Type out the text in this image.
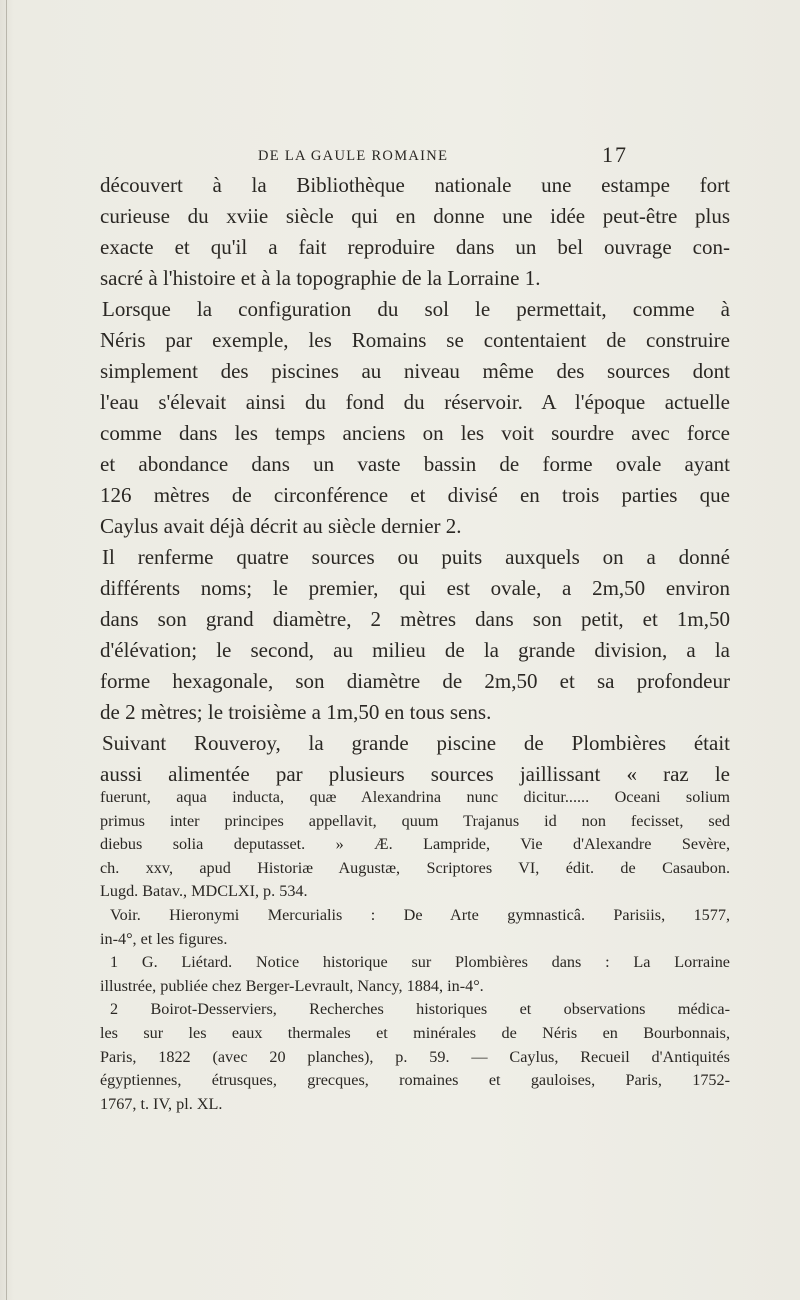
DE LA GAULE ROMAINE	17
découvert à la Bibliothèque nationale une estampe fort
curieuse du xviie siècle qui en donne une idée peut-être plus
exacte et qu'il a fait reproduire dans un bel ouvrage con-
sacré à l'histoire et à la topographie de la Lorraine 1.
Lorsque la configuration du sol le permettait, comme à
Néris par exemple, les Romains se contentaient de construire
simplement des piscines au niveau même des sources dont
l'eau s'élevait ainsi du fond du réservoir. A l'époque actuelle
comme dans les temps anciens on les voit sourdre avec force
et abondance dans un vaste bassin de forme ovale ayant
126 mètres de circonférence et divisé en trois parties que
Caylus avait déjà décrit au siècle dernier 2.
Il renferme quatre sources ou puits auxquels on a donné
différents noms; le premier, qui est ovale, a 2m,50 environ
dans son grand diamètre, 2 mètres dans son petit, et 1m,50
d'élévation; le second, au milieu de la grande division, a la
forme hexagonale, son diamètre de 2m,50 et sa profondeur
de 2 mètres; le troisième a 1m,50 en tous sens.
Suivant Rouveroy, la grande piscine de Plombières était
aussi alimentée par plusieurs sources jaillissant « raz le
fuerunt, aqua inducta, quæ Alexandrina nunc dicitur...... Oceani solium
primus inter principes appellavit, quum Trajanus id non fecisset, sed
diebus solia deputasset. » Æ. Lampride, Vie d'Alexandre Sevère,
ch. xxv, apud Historiæ Augustæ, Scriptores VI, édit. de Casaubon.
Lugd. Batav., MDCLXI, p. 534.
Voir. Hieronymi Mercurialis : De Arte gymnasticâ. Parisiis, 1577,
in-4°, et les figures.
1 G. Liétard. Notice historique sur Plombières dans : La Lorraine
illustrée, publiée chez Berger-Levrault, Nancy, 1884, in-4°.
2 Boirot-Desserviers, Recherches historiques et observations médica-
les sur les eaux thermales et minérales de Néris en Bourbonnais,
Paris, 1822 (avec 20 planches), p. 59. — Caylus, Recueil d'Antiquités
égyptiennes, étrusques, grecques, romaines et gauloises, Paris, 1752-
1767, t. IV, pl. XL.
